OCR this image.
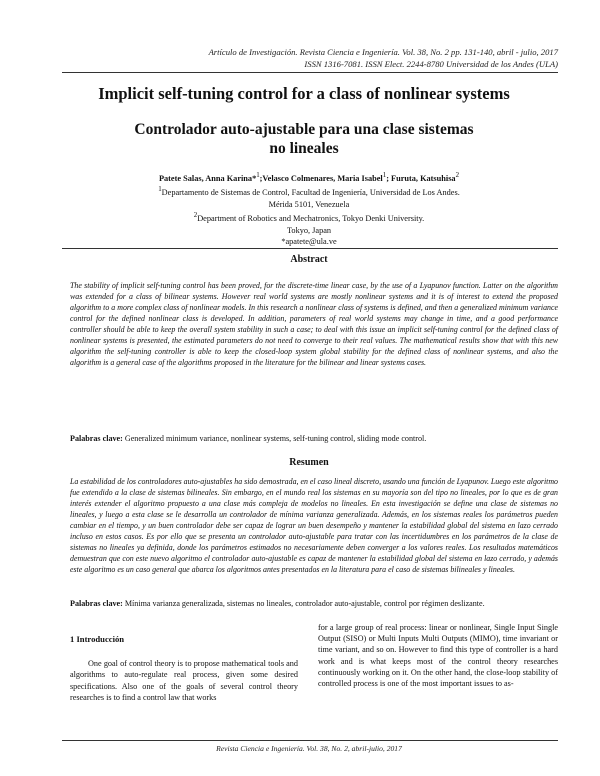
Artículo de Investigación. Revista Ciencia e Ingeniería. Vol. 38, No. 2 pp. 131-140, abril - julio, 2017
ISSN 1316-7081. ISSN Elect. 2244-8780 Universidad de los Andes (ULA)
Implicit self-tuning control for a class of nonlinear systems
Controlador auto-ajustable para una clase sistemas
no lineales
Patete Salas, Anna Karina*$^1$;Velasco Colmenares, Maria Isabel$^1$; Furuta, Katsuhisa$^2$
$^1$Departamento de Sistemas de Control, Facultad de Ingeniería, Universidad de Los Andes.
Mérida 5101, Venezuela
$^2$Department of Robotics and Mechatronics, Tokyo Denki University.
Tokyo, Japan
*apatete@ula.ve
Abstract
The stability of implicit self-tuning control has been proved, for the discrete-time linear case, by the use of a Lyapunov function. Latter on the algorithm was extended for a class of bilinear systems. However real world systems are mostly nonlinear systems and it is of interest to extend the proposed algorithm to a more complex class of nonlinear models. In this research a nonlinear class of systems is defined, and then a generalized minimum variance control for the defined nonlinear class is developed. In addition, parameters of real world systems may change in time, and a good performance controller should be able to keep the overall system stability in such a case; to deal with this issue an implicit self-tuning control for the defined class of nonlinear systems is presented, the estimated parameters do not need to converge to their real values. The mathematical results show that with this new algorithm the self-tuning controller is able to keep the closed-loop system global stability for the defined class of nonlinear systems, and also the algorithm is a general case of the algorithms proposed in the literature for the bilinear and linear systems cases.
Palabras clave: Generalized minimum variance, nonlinear systems, self-tuning control, sliding mode control.
Resumen
La estabilidad de los controladores auto-ajustables ha sido demostrada, en el caso lineal discreto, usando una función de Lyapunov. Luego este algoritmo fue extendido a la clase de sistemas bilineales. Sin embargo, en el mundo real los sistemas en su mayoría son del tipo no lineales, por lo que es de gran interés extender el algoritmo propuesto a una clase más compleja de modelos no lineales. En esta investigación se define una clase de sistemas no lineales, y luego a esta clase se le desarrolla un controlador de mínima varianza generalizada. Además, en los sistemas reales los parámetros pueden cambiar en el tiempo, y un buen controlador debe ser capaz de lograr un buen desempeño y mantener la estabilidad global del sistema en lazo cerrado incluso en estos casos. Es por ello que se presenta un controlador auto-ajustable para tratar con las incertidumbres en los parámetros de la clase de sistemas no lineales ya definida, donde los parámetros estimados no necesariamente deben converger a los valores reales. Los resultados matemáticos demuestran que con este nuevo algoritmo el controlador auto-ajustable es capaz de mantener la estabilidad global del sistema en lazo cerrado, y además este algoritmo es un caso general que abarca los algoritmos antes presentados en la literatura para el caso de sistemas bilineales y lineales.
Palabras clave: Mínima varianza generalizada, sistemas no lineales, controlador auto-ajustable, control por régimen deslizante.
1 Introducción
One goal of control theory is to propose mathematical tools and algorithms to auto-regulate real process, given some desired specifications. Also one of the goals of several control theory researches is to find a control law that works
for a large group of real process: linear or nonlinear, Single Input Single Output (SISO) or Multi Inputs Multi Outputs (MIMO), time invariant or time variant, and so on. However to find this type of controller is a hard work and is what keeps most of the control theory researches continuously working on it. On the other hand, the close-loop stability of controlled process is one of the most important issues to as-
Revista Ciencia e Ingeniería. Vol. 38, No. 2, abril-julio, 2017
